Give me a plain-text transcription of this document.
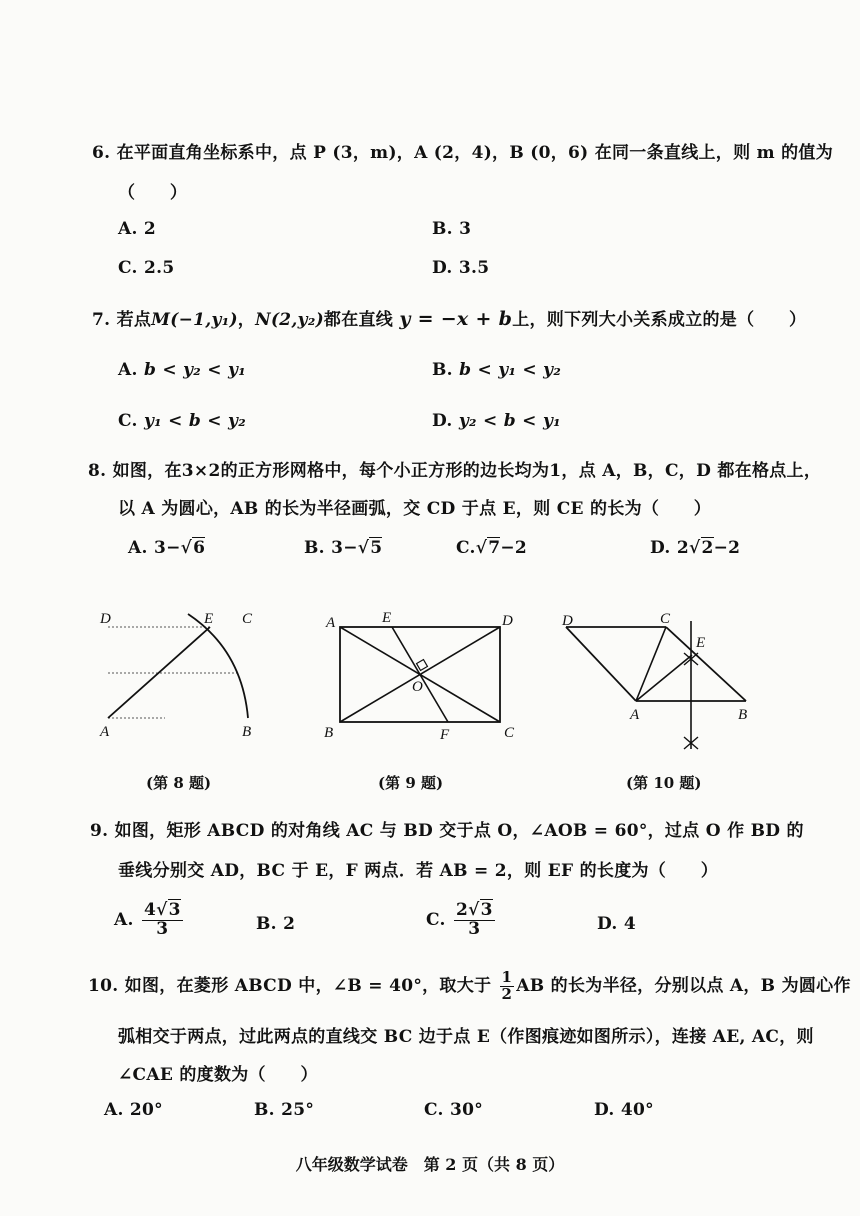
6. 在平面直角坐标系中，点 P (3，m)，A (2，4)，B (0，6) 在同一条直线上，则 m 的值为
（　　）
A. 2	B. 3
C. 2.5	D. 3.5
7. 若点M(−1,y₁)，N(2,y₂)都在直线 y = −x + b上，则下列大小关系成立的是（　　）
A. b < y₂ < y₁	B. b < y₁ < y₂
C. y₁ < b < y₂	D. y₂ < b < y₁
8. 如图，在3×2的正方形网格中，每个小正方形的边长均为1，点 A，B，C，D 都在格点上，
以 A 为圆心，AB 的长为半径画弧，交 CD 于点 E，则 CE 的长为（　　）
A. 3−√6	B. 3−√5	C.√7−2	D. 2√2−2
D	E C
A	B
(第 8 题)
A	E	D
O
B	F	C
(第 9 题)
D	C
E
A	B
(第 10 题)
9. 如图，矩形 ABCD 的对角线 AC 与 BD 交于点 O，∠AOB = 60°，过点 O 作 BD 的
垂线分别交 AD，BC 于 E，F 两点．若 AB = 2，则 EF 的长度为（　　）
A. $\frac{4√3}{3}$	B. 2	C. $\frac{2√3}{3}$	D. 4
10. 如图，在菱形 ABCD 中，∠B = 40°，取大于 $\frac{1}{2}$ AB 的长为半径，分别以点 A，B 为圆心作
弧相交于两点，过此两点的直线交 BC 边于点 E（作图痕迹如图所示），连接 AE, AC，则
∠CAE 的度数为（　　）
A. 20°	B. 25°	C. 30°	D. 40°
八年级数学试卷　第 2 页（共 8 页）
